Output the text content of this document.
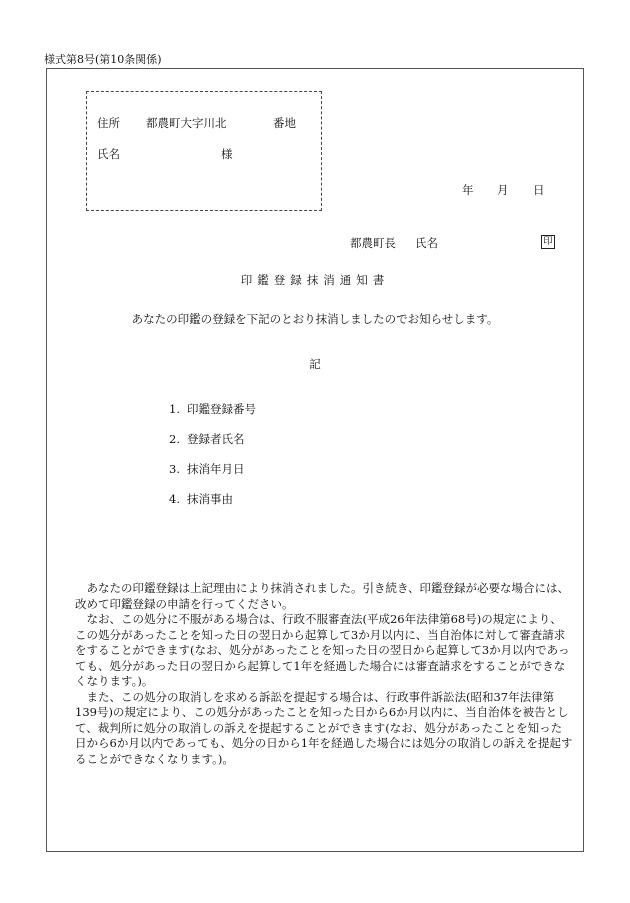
様式第8号(第10条関係)
住所 都農町大字川北	番地
氏名	様
年 月 日
都農町長 氏名	印
印鑑登録抹消通知書
あなたの印鑑の登録を下記のとおり抹消しましたのでお知らせします。
記
1. 印鑑登録番号
2. 登録者氏名
3. 抹消年月日
4. 抹消事由

あなたの印鑑登録は上記理由により抹消されました。引き続き、印鑑登録が必要な場合には、改めて印鑑登録の申請を行ってください。

なお、この処分に不服がある場合は、行政不服審査法(平成26年法律第68号)の規定により、この処分があったことを知った日の翌日から起算して3か月以内に、当自治体に対して審査請求をすることができます(なお、処分があったことを知った日の翌日から起算して3か月以内であっても、処分があった日の翌日から起算して1年を経過した場合には審査請求をすることができなくなります。)。

また、この処分の取消しを求める訴訟を提起する場合は、行政事件訴訟法(昭和37年法律第139号)の規定により、この処分があったことを知った日から6か月以内に、当自治体を被告として、裁判所に処分の取消しの訴えを提起することができます(なお、処分があったことを知った日から6か月以内であっても、処分の日から1年を経過した場合には処分の取消しの訴えを提起することができなくなります。)。
